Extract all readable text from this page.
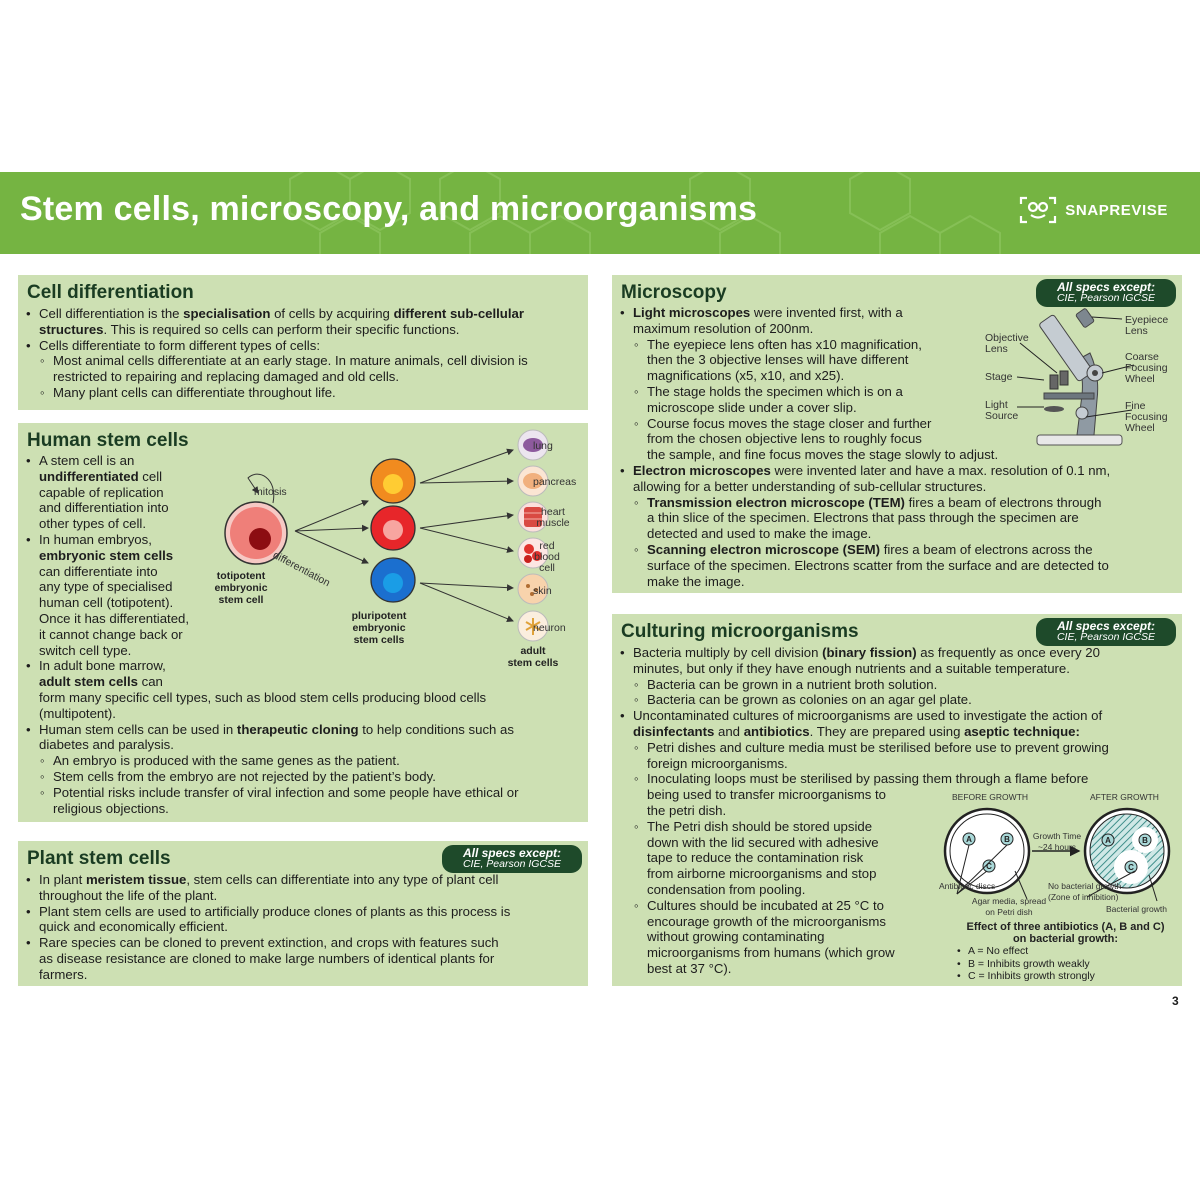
Stem cells, microscopy, and microorganisms	SNAPREVISE
Cell differentiation
• Cell differentiation is the specialisation of cells by acquiring different sub-cellular
structures. This is required so cells can perform their specific functions.
• Cells differentiate to form different types of cells:
◦ Most animal cells differentiate at an early stage. In mature animals, cell division is
restricted to repairing and replacing damaged and old cells.
◦ Many plant cells can differentiate throughout life.
Human stem cells
• A stem cell is an
undifferentiated cell
capable of replication
and differentiation into
other types of cell.
• In human embryos,
embryonic stem cells
can differentiate into
any type of specialised
human cell (totipotent).
Once it has differentiated,
it cannot change back or
switch cell type.
• In adult bone marrow,
adult stem cells can
form many specific cell types, such as blood stem cells producing blood cells
(multipotent).
• Human stem cells can be used in therapeutic cloning to help conditions such as
diabetes and paralysis.
◦ An embryo is produced with the same genes as the patient.
◦ Stem cells from the embryo are not rejected by the patient’s body.
◦ Potential risks include transfer of viral infection and some people have ethical or
religious objections.
mitosis
differentiation
totipotent
embryonic
stem cell
pluripotent
embryonic
stem cells
adult
stem cells
lung
pancreas
heart muscle
red blood cell
skin
neuron
Plant stem cells	All specs except:
CIE, Pearson IGCSE
• In plant meristem tissue, stem cells can differentiate into any type of plant cell
throughout the life of the plant.
• Plant stem cells are used to artificially produce clones of plants as this process is
quick and economically efficient.
• Rare species can be cloned to prevent extinction, and crops with features such
as disease resistance are cloned to make large numbers of identical plants for
farmers.
Microscopy	All specs except:
CIE, Pearson IGCSE
• Light microscopes were invented first, with a
maximum resolution of 200nm.
◦ The eyepiece lens often has x10 magnification,
then the 3 objective lenses will have different
magnifications (x5, x10, and x25).
◦ The stage holds the specimen which is on a
microscope slide under a cover slip.
◦ Course focus moves the stage closer and further
from the chosen objective lens to roughly focus
the sample, and fine focus moves the stage slowly to adjust.
• Electron microscopes were invented later and have a max. resolution of 0.1 nm,
allowing for a better understanding of sub-cellular structures.
◦ Transmission electron microscope (TEM) fires a beam of electrons through
a thin slice of the specimen. Electrons that pass through the specimen are
detected and used to make the image.
◦ Scanning electron microscope (SEM) fires a beam of electrons across the
surface of the specimen. Electrons scatter from the surface and are detected to
make the image.
Eyepiece
Lens
Objective
Lens
Coarse
Focusing
Wheel
Stage
Light
Source
Fine
Focusing
Wheel
Culturing microorganisms	All specs except:
CIE, Pearson IGCSE
• Bacteria multiply by cell division (binary fission) as frequently as once every 20
minutes, but only if they have enough nutrients and a suitable temperature.
◦ Bacteria can be grown in a nutrient broth solution.
◦ Bacteria can be grown as colonies on an agar gel plate.
• Uncontaminated cultures of microorganisms are used to investigate the action of
disinfectants and antibiotics. They are prepared using aseptic technique:
◦ Petri dishes and culture media must be sterilised before use to prevent growing
foreign microorganisms.
◦ Inoculating loops must be sterilised by passing them through a flame before
being used to transfer microorganisms to
the petri dish.
◦ The Petri dish should be stored upside
down with the lid secured with adhesive
tape to reduce the contamination risk
from airborne microorganisms and stop
condensation from pooling.
◦ Cultures should be incubated at 25 °C to
encourage growth of the microorganisms
without growing contaminating
microorganisms from humans (which grow
best at 37 °C).
A	B
C
A	B
C
BEFORE GROWTH	AFTER GROWTH
Growth Time
~24 hours
Antibiotic discs
Agar media, spread
on Petri dish
No bacterial growth
(Zone of inhibition)
Bacterial growth
Effect of three antibiotics (A, B and C)
on bacterial growth:
• A = No effect
• B = Inhibits growth weakly
• C = Inhibits growth strongly
3
